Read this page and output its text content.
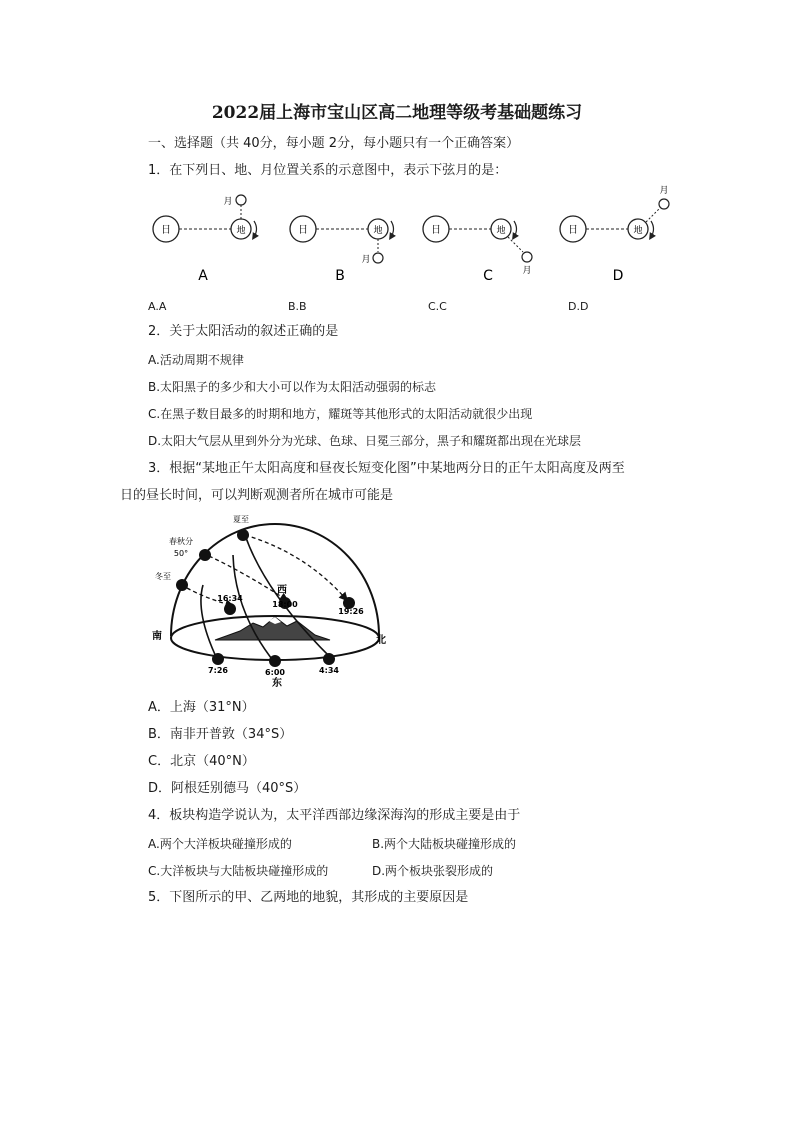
2022届上海市宝山区高二地理等级考基础题练习
一、选择题（共 40分，每小题 2分，每小题只有一个正确答案）
1．在下列日、地、月位置关系的示意图中，表示下弦月的是：
日	地
月
A
日	地
月
B
日	地
月
C
日	地
月
D
A.A	B.B	C.C	D.D
2．关于太阳活动的叙述正确的是
A.活动周期不规律
B.太阳黑子的多少和大小可以作为太阳活动强弱的标志
C.在黑子数目最多的时期和地方，耀斑等其他形式的太阳活动就很少出现
D.太阳大气层从里到外分为光球、色球、日冕三部分，黑子和耀斑都出现在光球层
3．根据“某地正午太阳高度和昼夜长短变化图”中某地两分日的正午太阳高度及两至
日的昼长时间，可以判断观测者所在城市可能是
夏至
春秋分
50°
冬至
西
16:34
18:00
19:26
南	北
7:26	6:00	4:34
东
A．上海（31°N）
B．南非开普敦（34°S）
C．北京（40°N）
D．阿根廷别德马（40°S）
4．板块构造学说认为，太平洋西部边缘深海沟的形成主要是由于
A.两个大洋板块碰撞形成的	B.两个大陆板块碰撞形成的
C.大洋板块与大陆板块碰撞形成的	D.两个板块张裂形成的
5．下图所示的甲、乙两地的地貌，其形成的主要原因是
